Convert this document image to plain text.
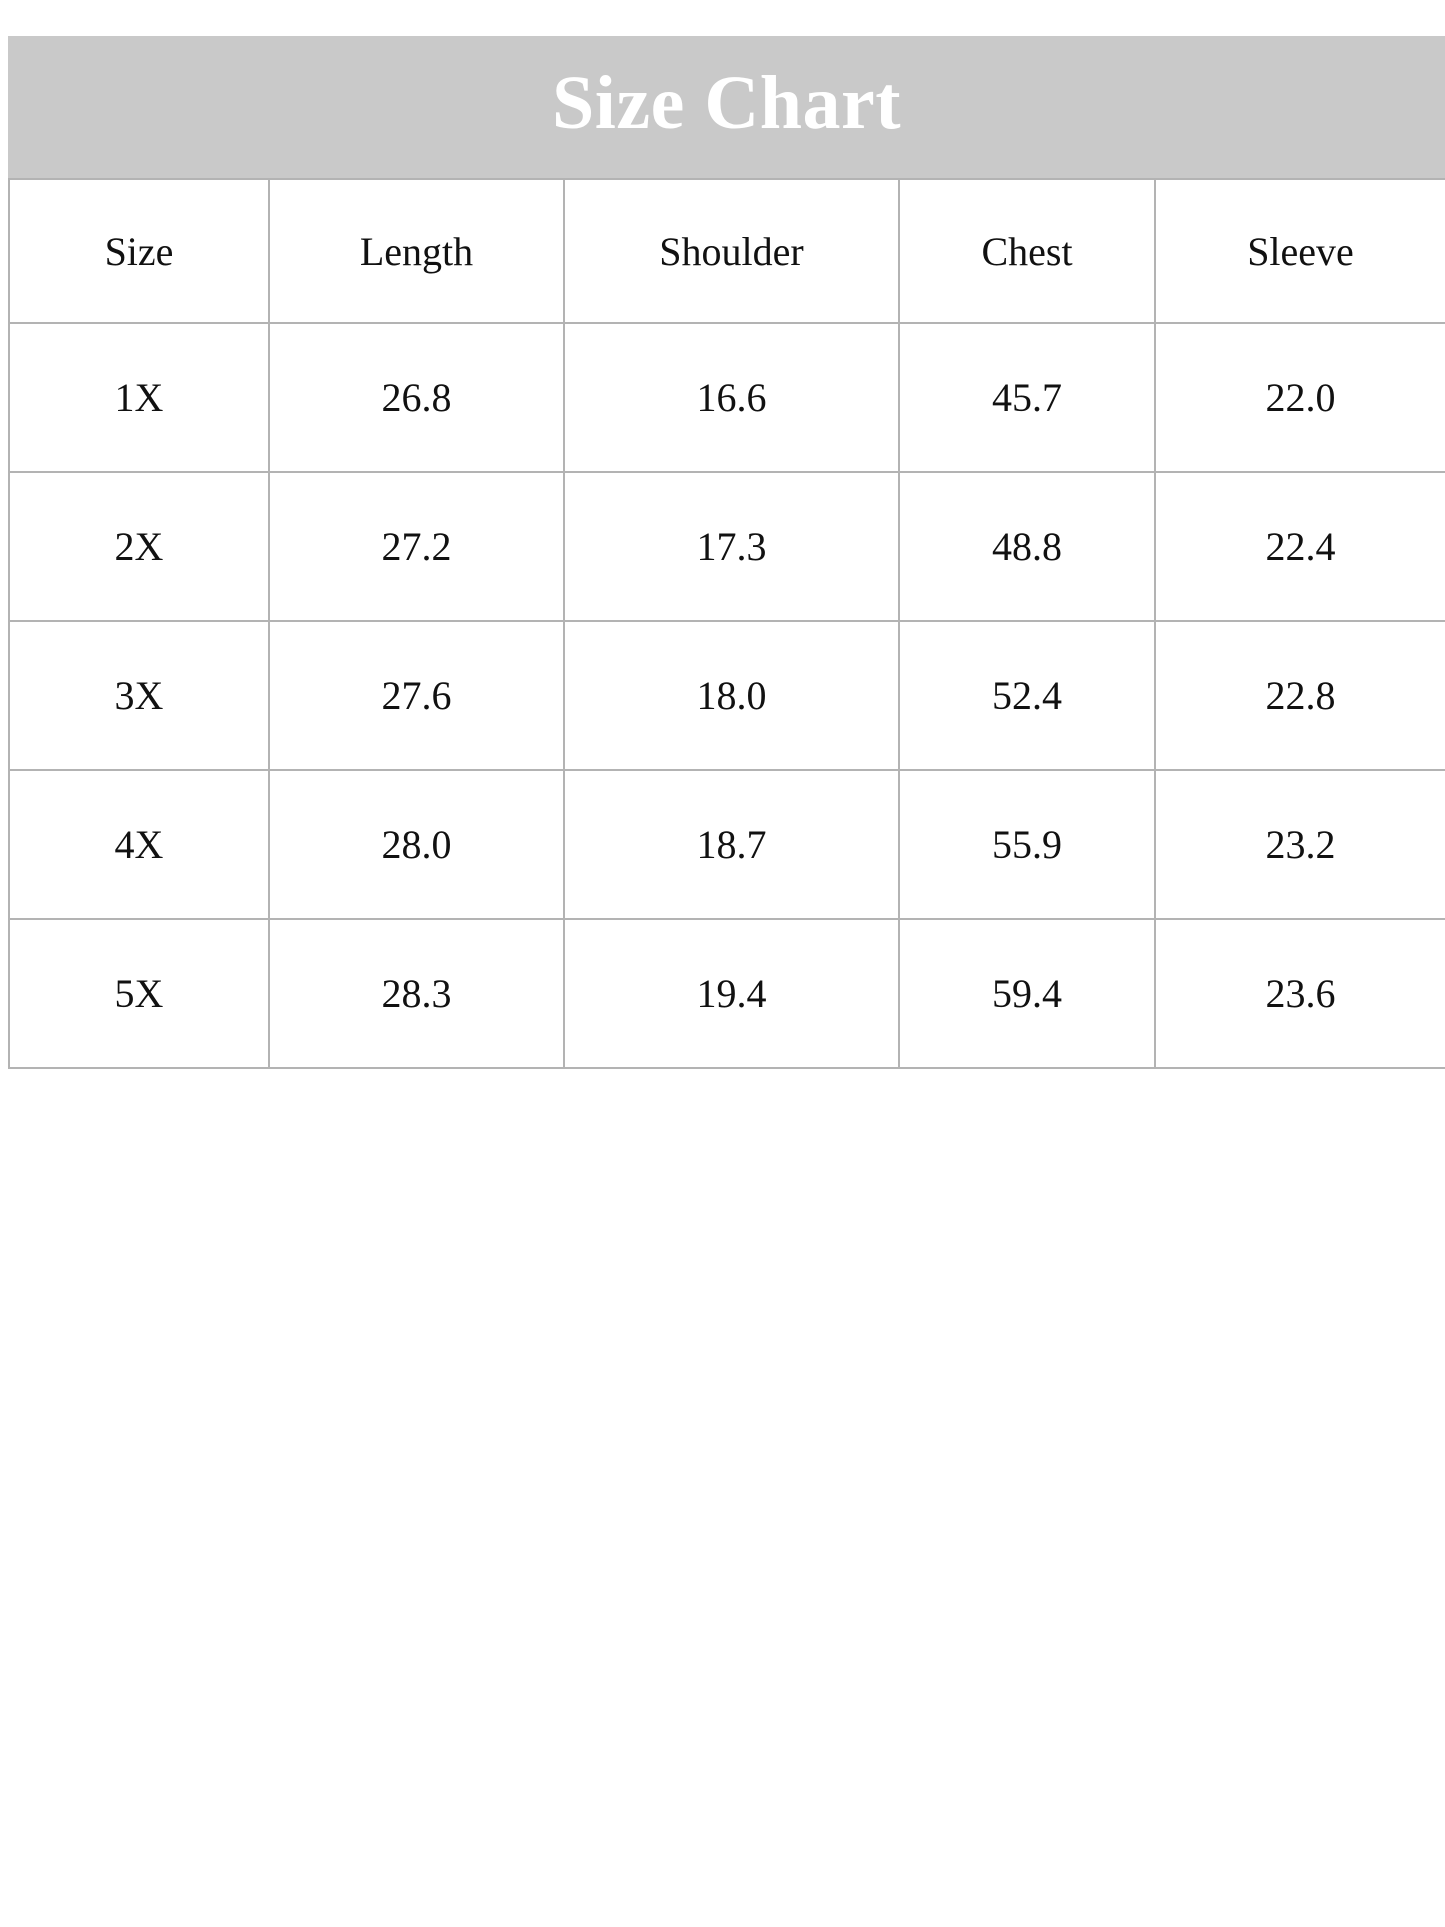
Size Chart
Size	Length	Shoulder	Chest	Sleeve
1X	26.8	16.6	45.7	22.0
2X	27.2	17.3	48.8	22.4
3X	27.6	18.0	52.4	22.8
4X	28.0	18.7	55.9	23.2
5X	28.3	19.4	59.4	23.6
